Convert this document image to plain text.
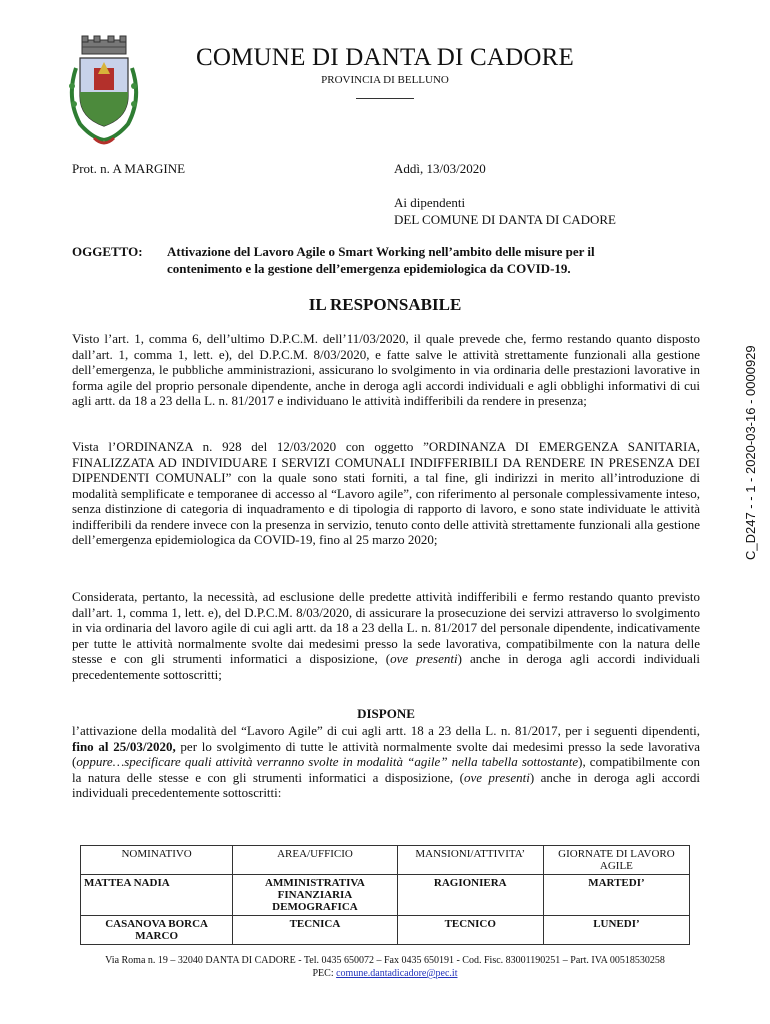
COMUNE DI DANTA DI CADORE
PROVINCIA DI BELLUNO
C_D247 - - 1 - 2020-03-16 - 0000929
Prot. n. A MARGINE	Addì, 13/03/2020
Ai dipendenti
DEL COMUNE DI DANTA DI CADORE
OGGETTO: Attivazione del Lavoro Agile o Smart Working nell’ambito delle misure per il
contenimento e la gestione dell’emergenza epidemiologica da COVID-19.
IL RESPONSABILE
Visto l’art. 1, comma 6, dell’ultimo D.P.C.M. dell’11/03/2020, il quale prevede che, fermo restando quanto disposto dall’art. 1, comma 1, lett. e), del D.P.C.M. 8/03/2020, e fatte salve le attività strettamente funzionali alla gestione dell’emergenza, le pubbliche amministrazioni, assicurano lo svolgimento in via ordinaria delle prestazioni lavorative in forma agile del proprio personale dipendente, anche in deroga agli accordi individuali e agli obblighi informativi di cui agli artt. da 18 a 23 della L. n. 81/2017 e individuano le attività indifferibili da rendere in presenza;
Vista l’ORDINANZA n. 928 del 12/03/2020 con oggetto ”ORDINANZA DI EMERGENZA SANITARIA, FINALIZZATA AD INDIVIDUARE I SERVIZI COMUNALI INDIFFERIBILI DA RENDERE IN PRESENZA DEI DIPENDENTI COMUNALI” con la quale sono stati forniti, a tal fine, gli indirizzi in merito all’introduzione di modalità semplificate e temporanee di accesso al “Lavoro agile”, con riferimento al personale complessivamente inteso, senza distinzione di categoria di inquadramento e di tipologia di rapporto di lavoro, e sono state individuate le attività indifferibili da rendere invece con la presenza in servizio, tenuto conto delle attività strettamente funzionali alla gestione dell’emergenza epidemiologica da COVID-19, fino al 25 marzo 2020;
Considerata, pertanto, la necessità, ad esclusione delle predette attività indifferibili e fermo restando quanto previsto dall’art. 1, comma 1, lett. e), del D.P.C.M. 8/03/2020, di assicurare la prosecuzione dei servizi attraverso lo svolgimento in via ordinaria del lavoro agile di cui agli artt. da 18 a 23 della L. n. 81/2017 del personale dipendente, indicativamente per tutte le attività normalmente svolte dai medesimi presso la sede lavorativa, compatibilmente con la natura delle stesse e con gli strumenti informatici a disposizione, (ove presenti) anche in deroga agli accordi individuali precedentemente sottoscritti;
DISPONE
l’attivazione della modalità del “Lavoro Agile” di cui agli artt. 18 a 23 della L. n. 81/2017, per i seguenti dipendenti, fino al 25/03/2020, per lo svolgimento di tutte le attività normalmente svolte dai medesimi presso la sede lavorativa (oppure…specificare quali attività verranno svolte in modalità “agile” nella tabella sottostante), compatibilmente con la natura delle stesse e con gli strumenti informatici a disposizione, (ove presenti) anche in deroga agli accordi individuali precedentemente sottoscritti:
NOMINATIVO	AREA/UFFICIO	MANSIONI/ATTIVITA’	GIORNATE DI LAVORO AGILE
MATTEA NADIA	AMMINISTRATIVA FINANZIARIA DEMOGRAFICA	RAGIONIERA	MARTEDI’
CASANOVA BORCA MARCO	TECNICA	TECNICO	LUNEDI’
Via Roma n. 19 – 32040 DANTA DI CADORE - Tel. 0435 650072 – Fax 0435 650191 - Cod. Fisc. 83001190251 – Part. IVA 00518530258
PEC: comune.dantadicadore@pec.it
